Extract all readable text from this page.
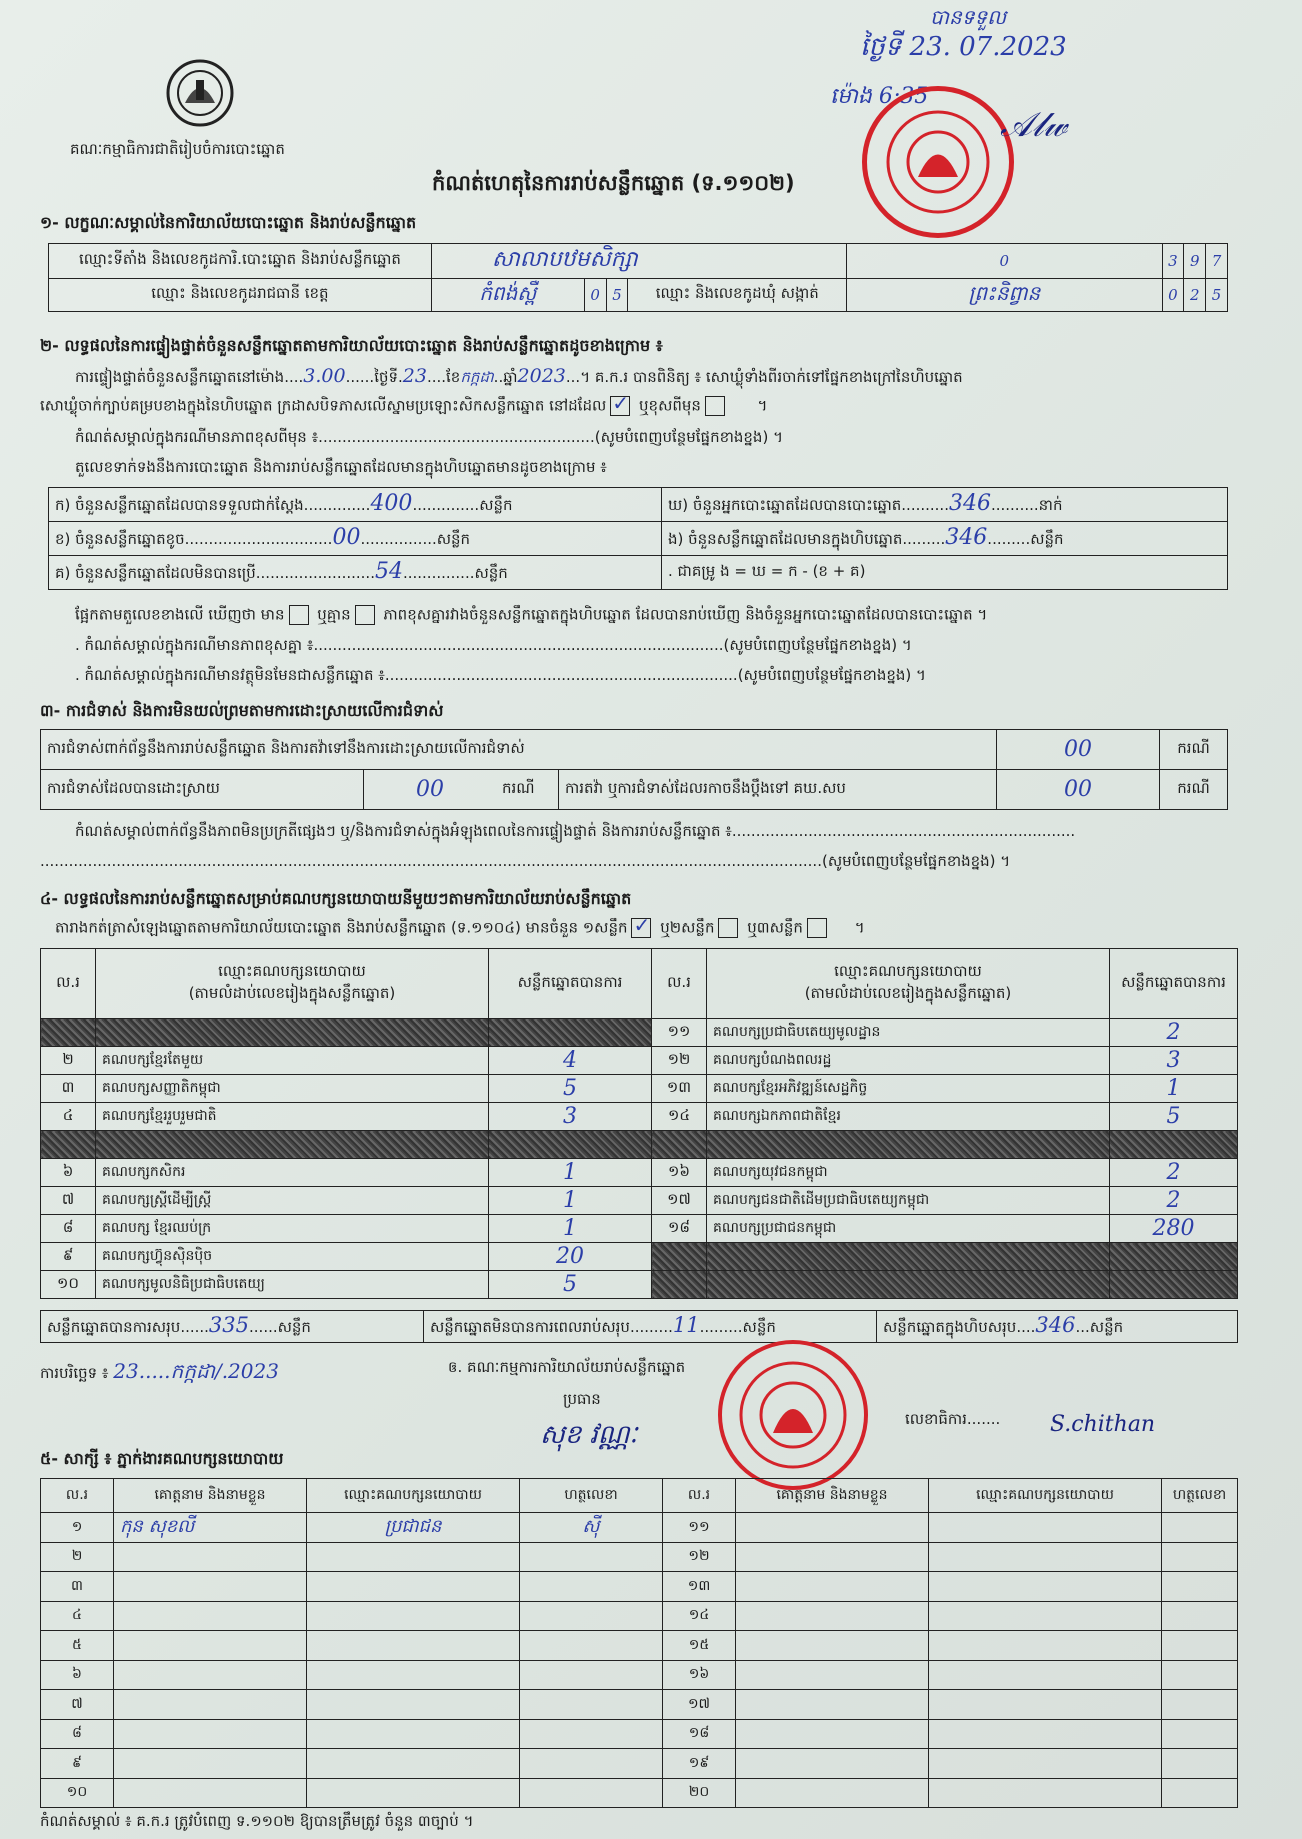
គណៈកម្មាធិការជាតិរៀបចំការបោះឆ្នោត
កំណត់ហេតុនៃការរាប់សន្លឹកឆ្នោត (ទ.១១០២)
បានទទួល
ថ្ងៃទី 23. 07.2023
ម៉ោង 6:35
𝒜𝓁𝓌
១- លក្ខណៈសម្គាល់នៃការិយាល័យបោះឆ្នោត និងរាប់សន្លឹកឆ្នោត
ឈ្មោះទីតាំង និងលេខកូដការិ.បោះឆ្នោត និងរាប់សន្លឹកឆ្នោត	សាលាបឋមសិក្សា				0	3	9	7
ឈ្មោះ និងលេខកូដរាជធានី ខេត្ត	កំពង់ស្ពឺ	0	5	ឈ្មោះ និងលេខកូដឃុំ សង្កាត់	ព្រះនិព្វាន	0	2	5
២- លទ្ធផលនៃការផ្ទៀងផ្ទាត់ចំនួនសន្លឹកឆ្នោតតាមការិយាល័យបោះឆ្នោត និងរាប់សន្លឹកឆ្នោតដូចខាងក្រោម ៖
ការផ្ទៀងផ្ទាត់ចំនួនសន្លឹកឆ្នោតនៅម៉ោង....3.00......ថ្ងៃទី.23....ខែកក្កដា..ឆ្នាំ2023...។ គ.ក.រ បានពិនិត្យ ៖ សោឃ្លុំទាំងពីរចាក់ទៅផ្នែកខាងក្រៅនៃហិបឆ្នោត
សោឃ្លុំចាក់ក្បាប់គម្របខាងក្នុងនៃហិបឆ្នោត ក្រដាសបិទភាសលើស្នាមប្រឡោះសិកសន្លឹកឆ្នោត នៅដដែល ✓ ឬខុសពីមុន      ។
កំណត់សម្គាល់ក្នុងករណីមានភាពខុសពីមុន ៖..........................................................(សូមបំពេញបន្ថែមផ្នែកខាងខ្នង) ។
តួលេខទាក់ទងនឹងការបោះឆ្នោត និងការរាប់សន្លឹកឆ្នោតដែលមានក្នុងហិបឆ្នោតមានដូចខាងក្រោម ៖
ក) ចំនួនសន្លឹកឆ្នោតដែលបានទទួលជាក់ស្តែង..............400..............សន្លឹក	ឃ) ចំនួនអ្នកបោះឆ្នោតដែលបានបោះឆ្នោត..........346..........នាក់
ខ) ចំនួនសន្លឹកឆ្នោតខូច...............................00................សន្លឹក	ង) ចំនួនសន្លឹកឆ្នោតដែលមានក្នុងហិបឆ្នោត.........346.........សន្លឹក
គ) ចំនួនសន្លឹកឆ្នោតដែលមិនបានប្រើ.........................54...............សន្លឹក	. ជាគម្រូ ង = ឃ = ក - (ខ + គ)
ផ្អែកតាមតួលេខខាងលើ ឃើញថា មាន ឬគ្មាន ភាពខុសគ្នារវាងចំនួនសន្លឹកឆ្នោតក្នុងហិបឆ្នោត ដែលបានរាប់ឃើញ និងចំនួនអ្នកបោះឆ្នោតដែលបានបោះឆ្នោត ។
. កំណត់សម្គាល់ក្នុងករណីមានភាពខុសគ្នា ៖......................................................................................(សូមបំពេញបន្ថែមផ្នែកខាងខ្នង) ។
. កំណត់សម្គាល់ក្នុងករណីមានវត្ថុមិនមែនជាសន្លឹកឆ្នោត ៖..........................................................................(សូមបំពេញបន្ថែមផ្នែកខាងខ្នង) ។
៣- ការជំទាស់ និងការមិនយល់ព្រមតាមការដោះស្រាយលើការជំទាស់
ការជំទាស់ពាក់ព័ន្ធនឹងការរាប់សន្លឹកឆ្នោត និងការតវ៉ាទៅនឹងការដោះស្រាយលើការជំទាស់				00	ករណី
ការជំទាស់ដែលបានដោះស្រាយ	00	ករណី	ការតវ៉ា ឬការជំទាស់ដែលរកាចនឹងប្តឹងទៅ គឃ.សប	00	ករណី
កំណត់សម្គាល់ពាក់ព័ន្ធនឹងភាពមិនប្រក្រតីផ្សេងៗ ឬ/និងការជំទាស់ក្នុងអំឡុងពេលនៃការផ្ទៀងផ្ទាត់ និងការរាប់សន្លឹកឆ្នោត ៖........................................................................
....................................................................................................................................................................(សូមបំពេញបន្ថែមផ្នែកខាងខ្នង) ។
៤- លទ្ធផលនៃការរាប់សន្លឹកឆ្នោតសម្រាប់គណបក្សនយោបាយនីមួយៗតាមការិយាល័យរាប់សន្លឹកឆ្នោត
តារាងកត់ត្រាសំឡេងឆ្នោតតាមការិយាល័យបោះឆ្នោត និងរាប់សន្លឹកឆ្នោត (ទ.១១០៤) មានចំនួន ១សន្លឹក ✓ ឬ២សន្លឹក ឬ៣សន្លឹក     ។
ល.រ	ឈ្មោះគណបក្សនយោបាយ
(តាមលំដាប់លេខរៀងក្នុងសន្លឹកឆ្នោត)	សន្លឹកឆ្នោតបានការ	ល.រ	ឈ្មោះគណបក្សនយោបាយ
(តាមលំដាប់លេខរៀងក្នុងសន្លឹកឆ្នោត)	សន្លឹកឆ្នោតបានការ
			១១	គណបក្សប្រជាធិបតេយ្យមូលដ្ឋាន	2
២	គណបក្សខ្មែរតែមួយ	4	១២	គណបក្សបំណងពលរដ្ឋ	3
៣	គណបក្សសញ្ញាតិកម្ពុជា	5	១៣	គណបក្សខ្មែរអភិវឌ្ឍន៍សេដ្ឋកិច្ច	1
៤	គណបក្សខ្មែររួបរួមជាតិ	3	១៤	គណបក្សឯកភាពជាតិខ្មែរ	5

៦	គណបក្សកសិករ	1	១៦	គណបក្សយុវជនកម្ពុជា	2
៧	គណបក្សស្ត្រីដើម្បីស្ត្រី	1	១៧	គណបក្សជនជាតិដើមប្រជាធិបតេយ្យកម្ពុជា	2
៨	គណបក្ស ខ្មែរឈប់ក្រ	1	១៨	គណបក្សប្រជាជនកម្ពុជា	280
៩	គណបក្សហ៊្វុនស៊ិនប៉ិច	20			
១០	គណបក្សមូលនិធិប្រជាធិបតេយ្យ	5			
សន្លឹកឆ្នោតបានការសរុប......335......សន្លឹក	សន្លឹកឆ្នោតមិនបានការពេលរាប់សរុប.........11.........សន្លឹក	សន្លឹកឆ្នោតក្នុងហិបសរុប....346...សន្លឹក
ការបរិច្ឆេទ ៖ 23.....កក្កដា/.2023	ឲ. គណៈកម្មការការិយាល័យរាប់សន្លឹកឆ្នោត
ប្រធាន
សុខ វណ្ណៈ
លេខាធិការ....... S.chithan
៥- សាក្សី ៖ ភ្នាក់ងារគណបក្សនយោបាយ
ល.រ	គោត្តនាម និងនាមខ្លួន	ឈ្មោះគណបក្សនយោបាយ	ហត្ថលេខា	ល.រ	គោត្តនាម និងនាមខ្លួន	ឈ្មោះគណបក្សនយោបាយ	ហត្ថលេខា
១	កុន សុខលី	ប្រជាជន	ស៊ី	១១			
២				១២			
៣				១៣			
៤				១៤			
៥				១៥			
៦				១៦			
៧				១៧			
៨				១៨			
៩				១៩			
១០				២០			
កំណត់សម្គាល់ ៖ គ.ក.រ ត្រូវបំពេញ ទ.១១០២ ឱ្យបានត្រឹមត្រូវ ចំនួន ៣ច្បាប់ ។
